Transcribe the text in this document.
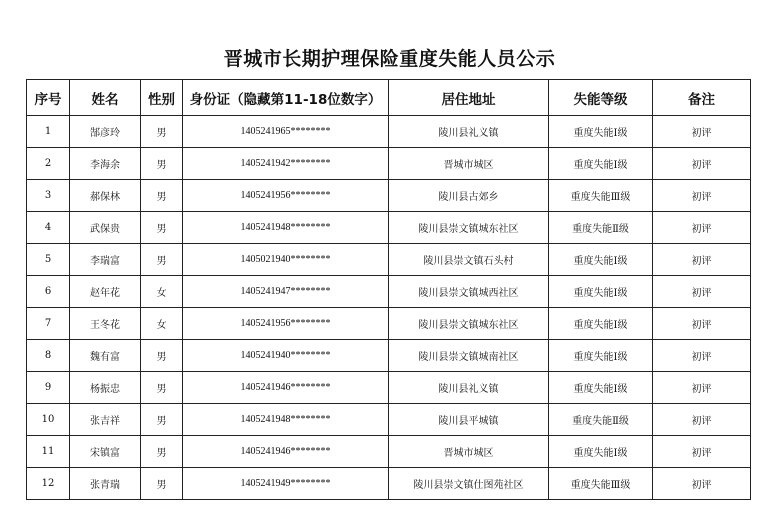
晋城市长期护理保险重度失能人员公示
序号	姓名	性别	身份证（隐藏第11-18位数字）	居住地址	失能等级	备注
1	郜彦玲	男	1405241965********	陵川县礼义镇	重度失能Ⅰ级	初评
2	李海余	男	1405241942********	晋城市城区	重度失能Ⅰ级	初评
3	郝保林	男	1405241956********	陵川县古郊乡	重度失能Ⅲ级	初评
4	武保贵	男	1405241948********	陵川县崇文镇城东社区	重度失能Ⅱ级	初评
5	李瑞富	男	1405021940********	陵川县崇文镇石头村	重度失能Ⅰ级	初评
6	赵年花	女	1405241947********	陵川县崇文镇城西社区	重度失能Ⅰ级	初评
7	王冬花	女	1405241956********	陵川县崇文镇城东社区	重度失能Ⅰ级	初评
8	魏有富	男	1405241940********	陵川县崇文镇城南社区	重度失能Ⅰ级	初评
9	杨振忠	男	1405241946********	陵川县礼义镇	重度失能Ⅰ级	初评
10	张吉祥	男	1405241948********	陵川县平城镇	重度失能Ⅱ级	初评
11	宋镇富	男	1405241946********	晋城市城区	重度失能Ⅰ级	初评
12	张青瑞	男	1405241949********	陵川县崇文镇仕图苑社区	重度失能Ⅲ级	初评
